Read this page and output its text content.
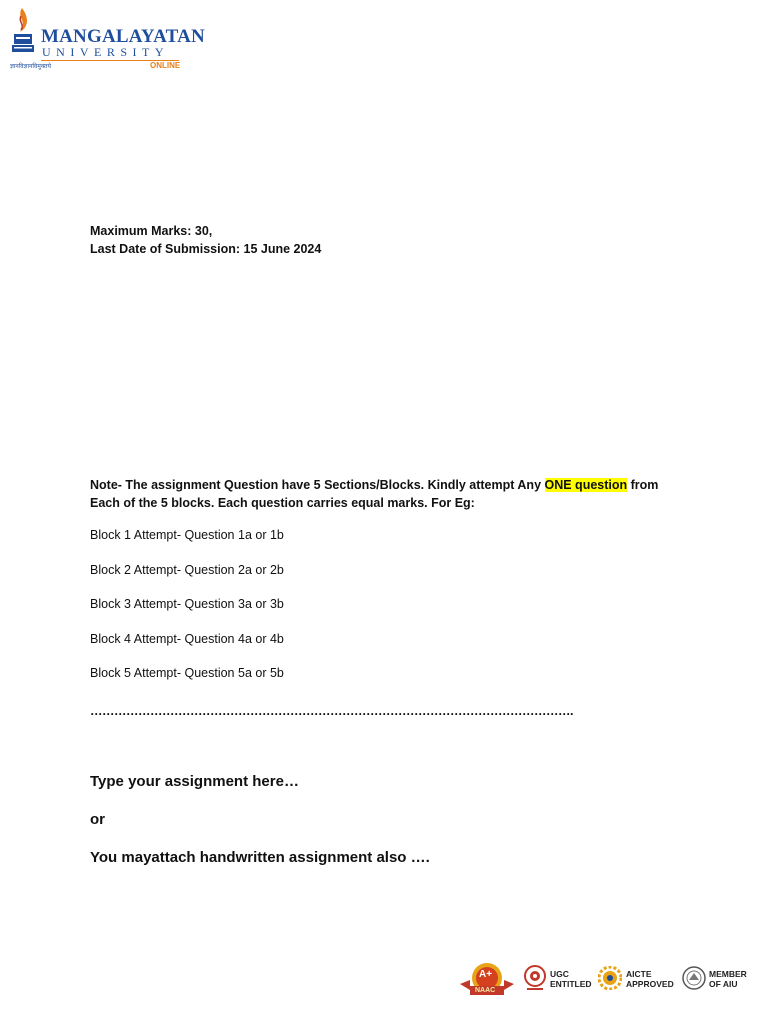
MANGALAYATAN
UNIVERSITY
ONLINE
ज्ञानविज्ञानविमुक्तये
Maximum Marks: 30,
Last Date of Submission: 15 June 2024
Note- The assignment Question have 5 Sections/Blocks. Kindly attempt Any ONE question from Each of the 5 blocks. Each question carries equal marks. For Eg:
Block 1 Attempt- Question 1a or 1b
Block 2 Attempt- Question 2a or 2b
Block 3 Attempt- Question 3a or 3b
Block 4 Attempt- Question 4a or 4b
Block 5 Attempt- Question 5a or 5b
………………………………………………………………………………………………………….
Type your assignment here…
or
You mayattach handwritten assignment also ….
A+
NAAC
UGC
ENTITLED
AICTE
APPROVED
MEMBER
OF AIU
